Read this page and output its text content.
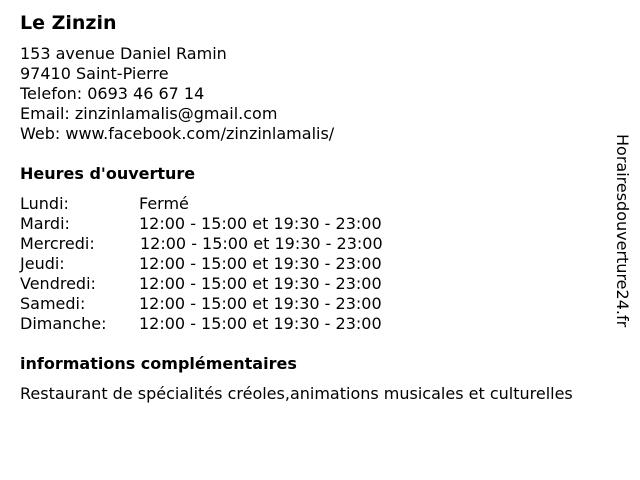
Le Zinzin
153 avenue Daniel Ramin
97410 Saint-Pierre
Telefon: 0693 46 67 14
Email: zinzinlamalis@gmail.com
Web: www.facebook.com/zinzinlamalis/
Heures d'ouverture
Lundi:	Fermé
Mardi:	12:00 - 15:00 et 19:30 - 23:00
Mercredi:	12:00 - 15:00 et 19:30 - 23:00
Jeudi:	12:00 - 15:00 et 19:30 - 23:00
Vendredi:	12:00 - 15:00 et 19:30 - 23:00
Samedi:	12:00 - 15:00 et 19:30 - 23:00
Dimanche:	12:00 - 15:00 et 19:30 - 23:00
informations complémentaires
Restaurant de spécialités créoles,animations musicales et culturelles
Horairesdouverture24.fr
